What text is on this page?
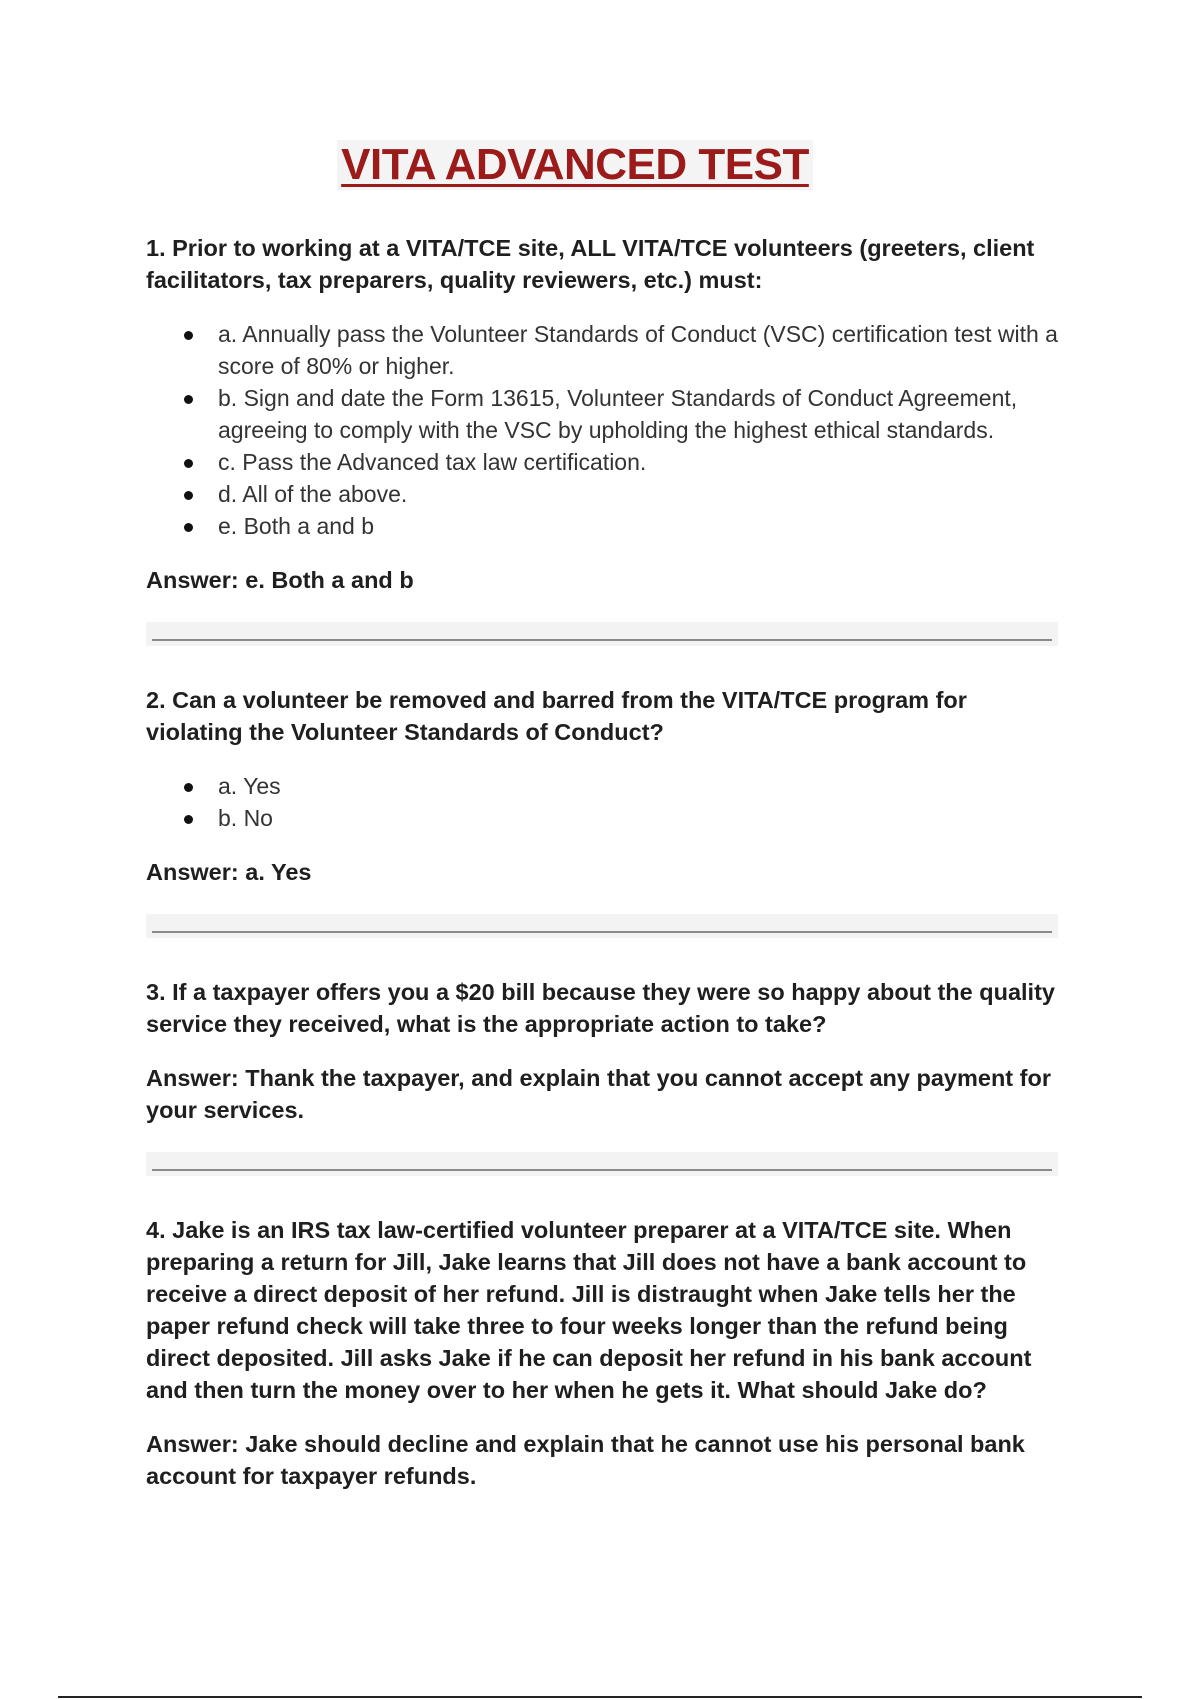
VITA ADVANCED TEST

1. Prior to working at a VITA/TCE site, ALL VITA/TCE volunteers (greeters, client facilitators, tax preparers, quality reviewers, etc.) must:

a. Annually pass the Volunteer Standards of Conduct (VSC) certification test with a score of 80% or higher.
b. Sign and date the Form 13615, Volunteer Standards of Conduct Agreement, agreeing to comply with the VSC by upholding the highest ethical standards.
c. Pass the Advanced tax law certification.
d. All of the above.
e. Both a and b

Answer: e. Both a and b

2. Can a volunteer be removed and barred from the VITA/TCE program for violating the Volunteer Standards of Conduct?

a. Yes
b. No

Answer: a. Yes

3. If a taxpayer offers you a $20 bill because they were so happy about the quality service they received, what is the appropriate action to take?

Answer: Thank the taxpayer, and explain that you cannot accept any payment for your services.

4. Jake is an IRS tax law-certified volunteer preparer at a VITA/TCE site. When preparing a return for Jill, Jake learns that Jill does not have a bank account to receive a direct deposit of her refund. Jill is distraught when Jake tells her the paper refund check will take three to four weeks longer than the refund being direct deposited. Jill asks Jake if he can deposit her refund in his bank account and then turn the money over to her when he gets it. What should Jake do?

Answer: Jake should decline and explain that he cannot use his personal bank account for taxpayer refunds.
